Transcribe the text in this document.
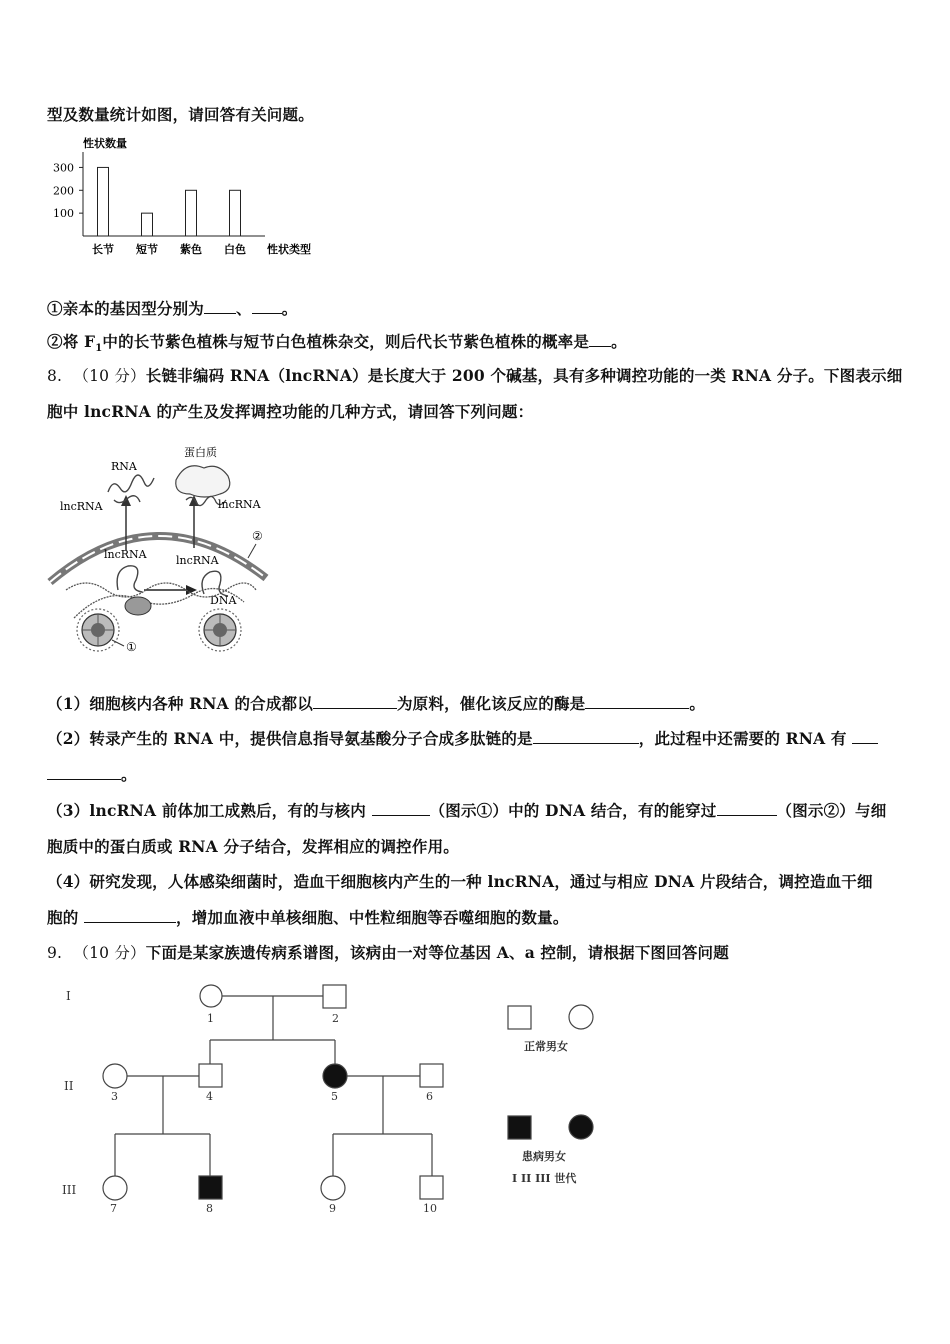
型及数量统计如图，请回答有关问题。
性状数量
长节 短节 紫色 白色 性状类型
100
200
300
①亲本的基因型分别为 、 。
②将 $F_1$中的长节紫色植株与短节白色植株杂交，则后代长节紫色植株的概率是 。
8. （10 分）长链非编码 RNA（lncRNA）是长度大于 200 个碱基，具有多种调控功能的一类 RNA 分子。下图表示细
胞中 lncRNA 的产生及发挥调控功能的几种方式，请回答下列问题：
RNA
lncRNA
蛋白质
lncRNA
②
lncRNA	lncRNA
DNA
①
（1）细胞核内各种 RNA 的合成都以	为原料，催化该反应的酶是	。
（2）转录产生的 RNA 中，提供信息指导氨基酸分子合成多肽链的是	，此过程中还需要的 RNA 有
。
（3）lncRNA 前体加工成熟后，有的与核内	（图示①）中的 DNA 结合，有的能穿过	（图示②）与细
胞质中的蛋白质或 RNA 分子结合，发挥相应的调控作用。
（4）研究发现，人体感染细菌时，造血干细胞核内产生的一种 lncRNA，通过与相应 DNA 片段结合，调控造血干细
胞的	，增加血液中单核细胞、中性粒细胞等吞噬细胞的数量。
9. （10 分）下面是某家族遗传病系谱图，该病由一对等位基因 A、a 控制，请根据下图回答问题
I
II
III
1	2
3	4	5	6
7	8	9	10
正常男女
患病男女
I II III 世代
